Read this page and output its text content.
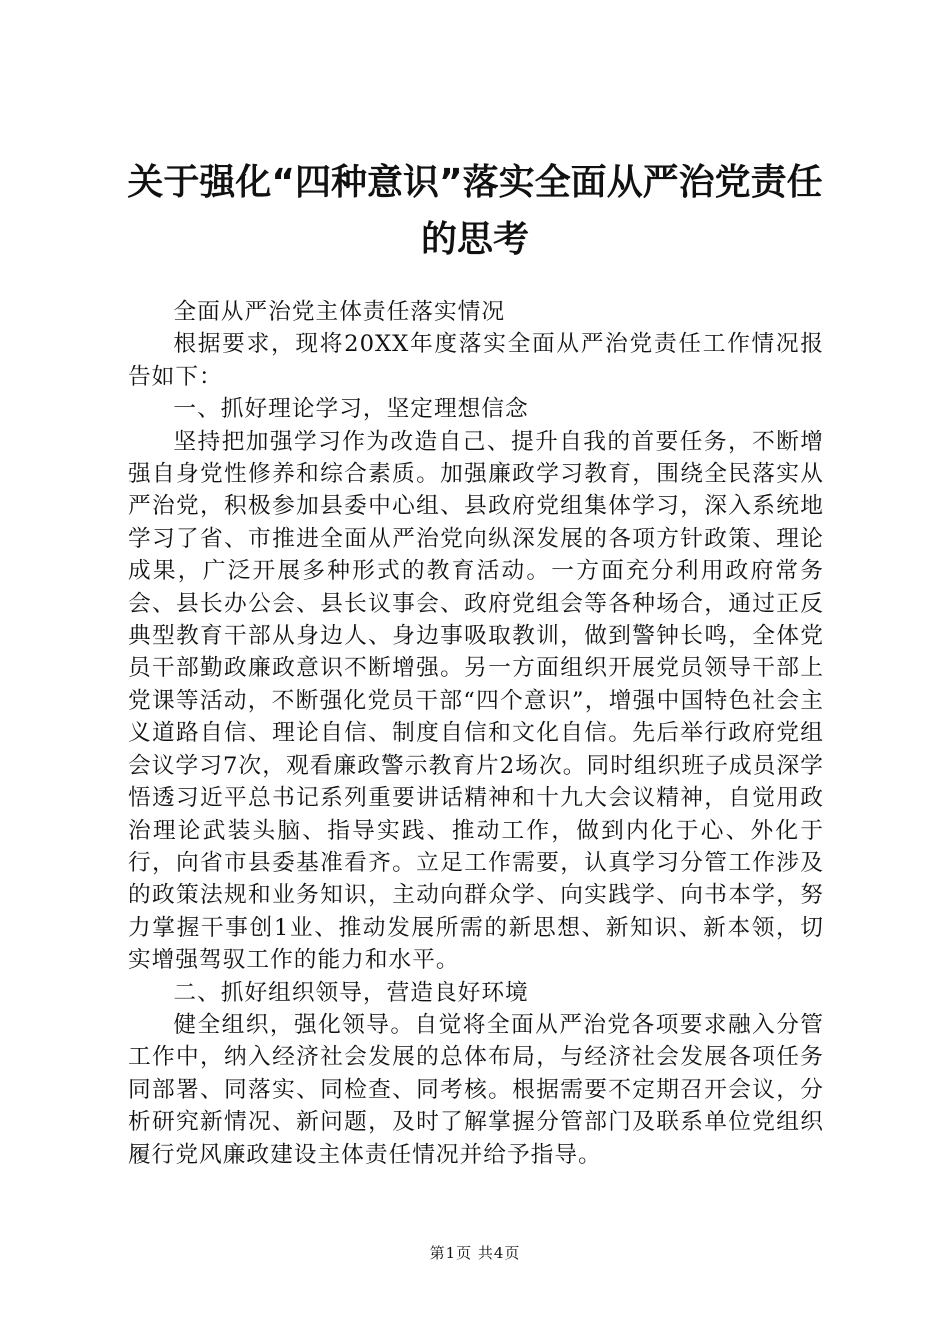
关于强化“四种意识”落实全面从严治党责任
的思考

全面从严治党主体责任落实情况

根据要求，现将20XX年度落实全面从严治党责任工作情况报告如下：

一、抓好理论学习，坚定理想信念

坚持把加强学习作为改造自己、提升自我的首要任务，不断增强自身党性修养和综合素质。加强廉政学习教育，围绕全民落实从严治党，积极参加县委中心组、县政府党组集体学习，深入系统地学习了省、市推进全面从严治党向纵深发展的各项方针政策、理论成果，广泛开展多种形式的教育活动。一方面充分利用政府常务会、县长办公会、县长议事会、政府党组会等各种场合，通过正反典型教育干部从身边人、身边事吸取教训，做到警钟长鸣，全体党员干部勤政廉政意识不断增强。另一方面组织开展党员领导干部上党课等活动，不断强化党员干部“四个意识”，增强中国特色社会主义道路自信、理论自信、制度自信和文化自信。先后举行政府党组会议学习7次，观看廉政警示教育片2场次。同时组织班子成员深学悟透习近平总书记系列重要讲话精神和十九大会议精神，自觉用政治理论武装头脑、指导实践、推动工作，做到内化于心、外化于行，向省市县委基准看齐。立足工作需要，认真学习分管工作涉及的政策法规和业务知识，主动向群众学、向实践学、向书本学，努力掌握干事创1业、推动发展所需的新思想、新知识、新本领，切实增强驾驭工作的能力和水平。

二、抓好组织领导，营造良好环境

健全组织，强化领导。自觉将全面从严治党各项要求融入分管工作中，纳入经济社会发展的总体布局，与经济社会发展各项任务同部署、同落实、同检查、同考核。根据需要不定期召开会议，分析研究新情况、新问题，及时了解掌握分管部门及联系单位党组织履行党风廉政建设主体责任情况并给予指导。

第1页 共4页
